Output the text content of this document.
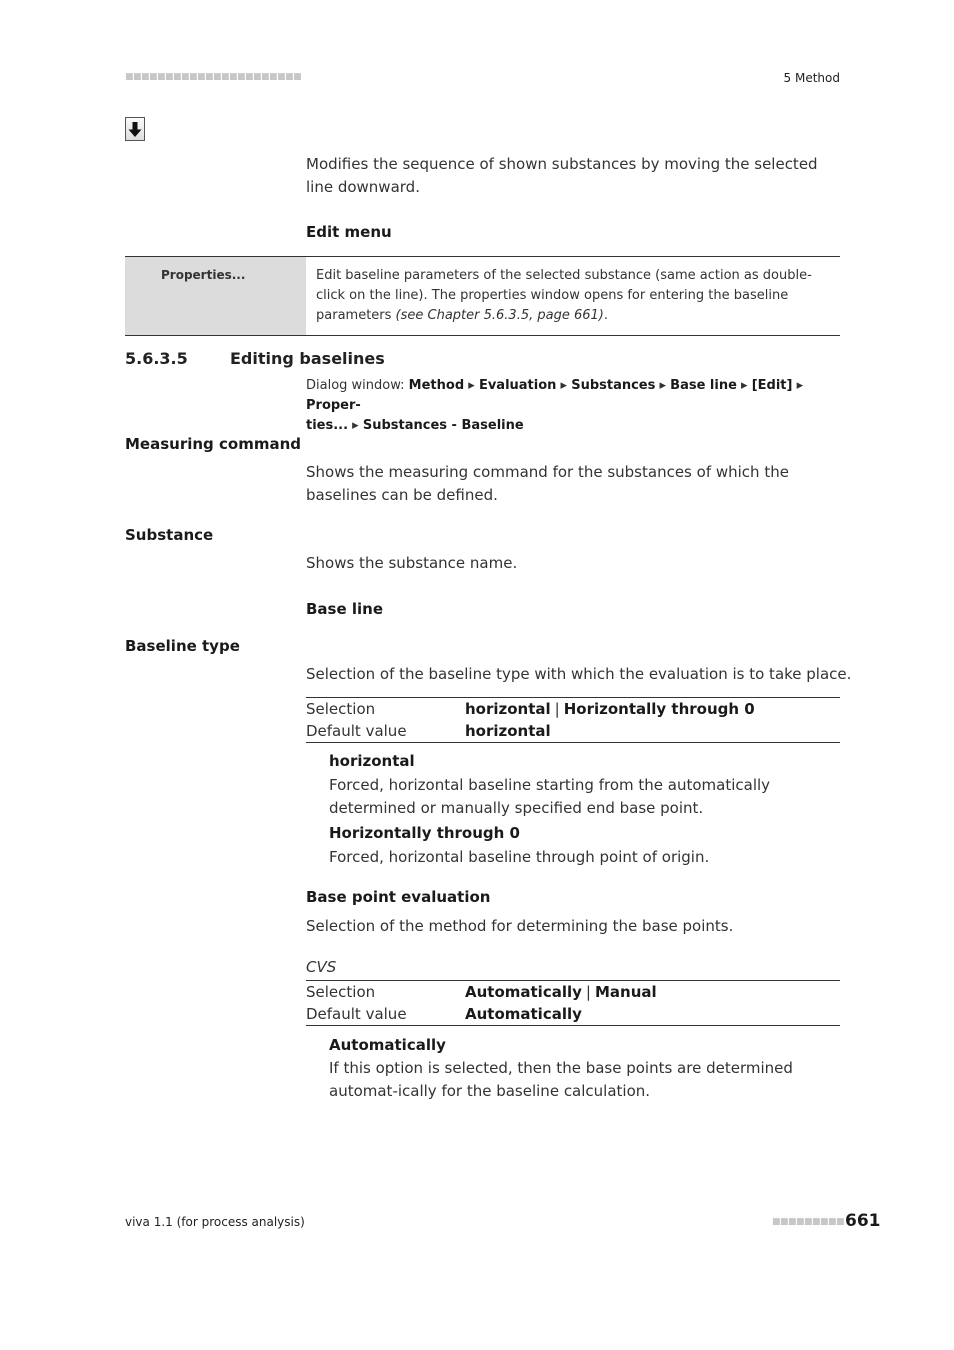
■■■■■■■■■■■■■■■■■■■■■■	5 Method
Modifies the sequence of shown substances by moving the selected line downward.
Edit menu
Properties...	Edit baseline parameters of the selected substance (same action as double-click on the line). The properties window opens for entering the baseline parameters (see Chapter 5.6.3.5, page 661).
5.6.3.5	Editing baselines
Dialog window: Method ▸ Evaluation ▸ Substances ▸ Base line ▸ [Edit] ▸ Proper-
ties... ▸ Substances - Baseline
Measuring command
Shows the measuring command for the substances of which the baselines can be defined.
Substance
Shows the substance name.
Base line
Baseline type
Selection of the baseline type with which the evaluation is to take place.
Selection	horizontal | Horizontally through 0
Default value	horizontal
horizontal
Forced, horizontal baseline starting from the automatically determined or manually specified end base point.
Horizontally through 0
Forced, horizontal baseline through point of origin.
Base point evaluation
Selection of the method for determining the base points.
CVS
Selection	Automatically | Manual
Default value	Automatically
Automatically
If this option is selected, then the base points are determined automat-ically for the baseline calculation.
viva 1.1 (for process analysis)	■■■■■■■■■ 661
